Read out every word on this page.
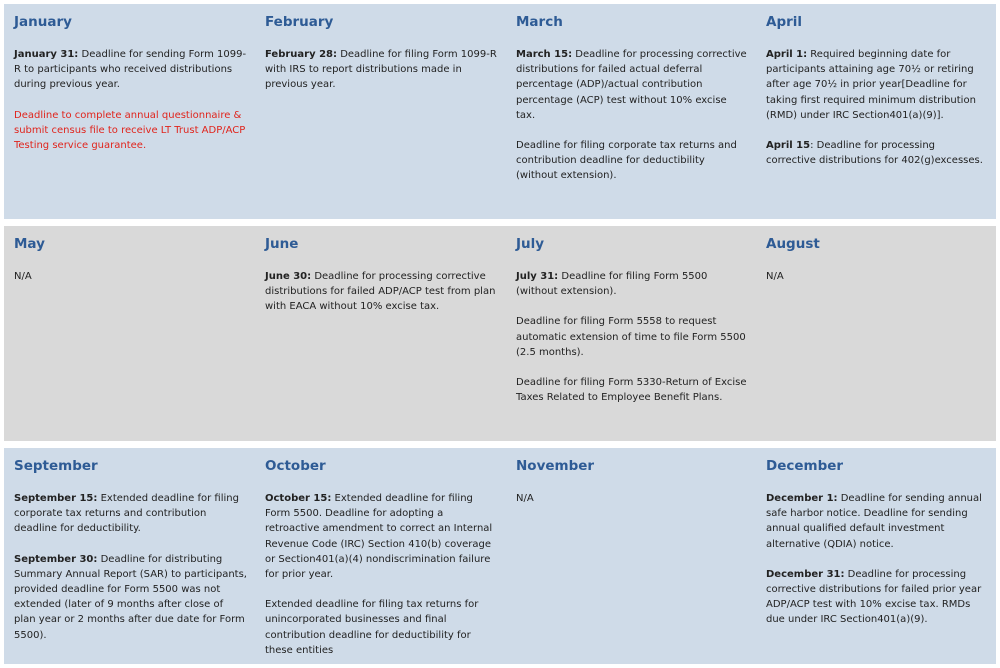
January

January 31: Deadline for sending Form 1099-R to participants who received distributions during previous year.

Deadline to complete annual questionnaire & submit census file to receive LT Trust ADP/ACP Testing service guarantee.

February

February 28: Deadline for filing Form 1099-R with IRS to report distributions made in previous year.

March

March 15: Deadline for processing corrective distributions for failed actual deferral percentage (ADP)/actual contribution percentage (ACP) test without 10% excise tax.

Deadline for filing corporate tax returns and contribution deadline for deductibility (without extension).

April

April 1: Required beginning date for participants attaining age 70½ or retiring after age 70½ in prior year[Deadline for taking first required minimum distribution (RMD) under IRC Section401(a)(9)].

April 15: Deadline for processing corrective distributions for 402(g)excesses.

May

N/A

June

June 30: Deadline for processing corrective distributions for failed ADP/ACP test from plan with EACA without 10% excise tax.

July

July 31: Deadline for filing Form 5500 (without extension).

Deadline for filing Form 5558 to request automatic extension of time to file Form 5500 (2.5 months).

Deadline for filing Form 5330-Return of Excise Taxes Related to Employee Benefit Plans.

August

N/A

September

September 15: Extended deadline for filing corporate tax returns and contribution deadline for deductibility.

September 30: Deadline for distributing Summary Annual Report (SAR) to participants, provided deadline for Form 5500 was not extended (later of 9 months after close of plan year or 2 months after due date for Form 5500).

October

October 15: Extended deadline for filing Form 5500. Deadline for adopting a retroactive amendment to correct an Internal Revenue Code (IRC) Section 410(b) coverage or Section401(a)(4) nondiscrimination failure for prior year.

Extended deadline for filing tax returns for unincorporated businesses and final contribution deadline for deductibility for these entities

November

N/A

December

December 1: Deadline for sending annual safe harbor notice. Deadline for sending annual qualified default investment alternative (QDIA) notice.

December 31: Deadline for processing corrective distributions for failed prior year ADP/ACP test with 10% excise tax. RMDs due under IRC Section401(a)(9).
